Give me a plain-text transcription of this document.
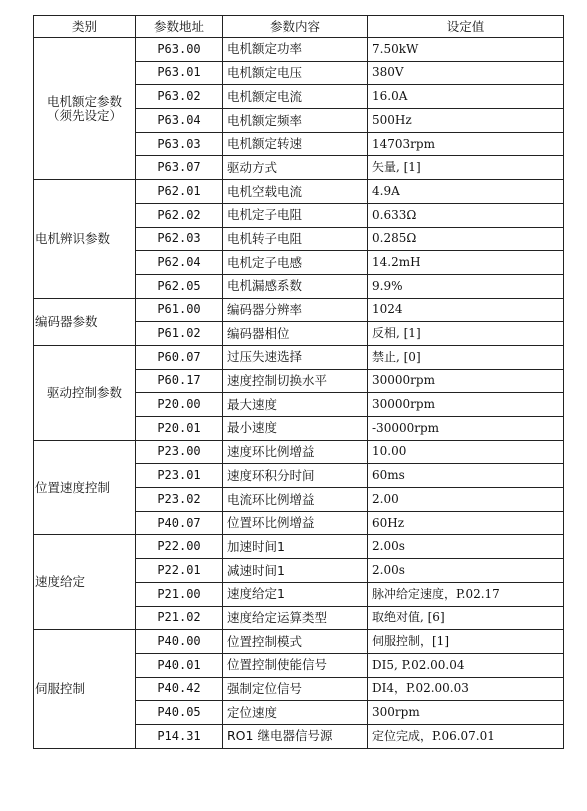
类别	参数地址	参数内容	设定值

电机额定参数
（须先设定）	P63.00	电机额定功率	7.50kW
	P63.01	电机额定电压	380V
	P63.02	电机额定电流	16.0A
	P63.04	电机额定频率	500Hz
	P63.03	电机额定转速	14703rpm
	P63.07	驱动方式	矢量, [1]

电机辨识参数	P62.01	电机空载电流	4.9A
	P62.02	电机定子电阻	0.633Ω
	P62.03	电机转子电阻	0.285Ω
	P62.04	电机定子电感	14.2mH
	P62.05	电机漏感系数	9.9%

编码器参数	P61.00	编码器分辨率	1024
	P61.02	编码器相位	反相, [1]

驱动控制参数	P60.07	过压失速选择	禁止, [0]
	P60.17	速度控制切换水平	30000rpm
	P20.00	最大速度	30000rpm
	P20.01	最小速度	-30000rpm

位置速度控制	P23.00	速度环比例增益	10.00
	P23.01	速度环积分时间	60ms
	P23.02	电流环比例增益	2.00
	P40.07	位置环比例增益	60Hz

速度给定	P22.00	加速时间1	2.00s
	P22.01	减速时间1	2.00s
	P21.00	速度给定1	脉冲给定速度，P.02.17
	P21.02	速度给定运算类型	取绝对值, [6]

伺服控制	P40.00	位置控制模式	伺服控制，[1]
	P40.01	位置控制使能信号	DI5, P.02.00.04
	P40.42	强制定位信号	DI4，P.02.00.03
	P40.05	定位速度	300rpm
	P14.31	RO1 继电器信号源	定位完成，P.06.07.01
